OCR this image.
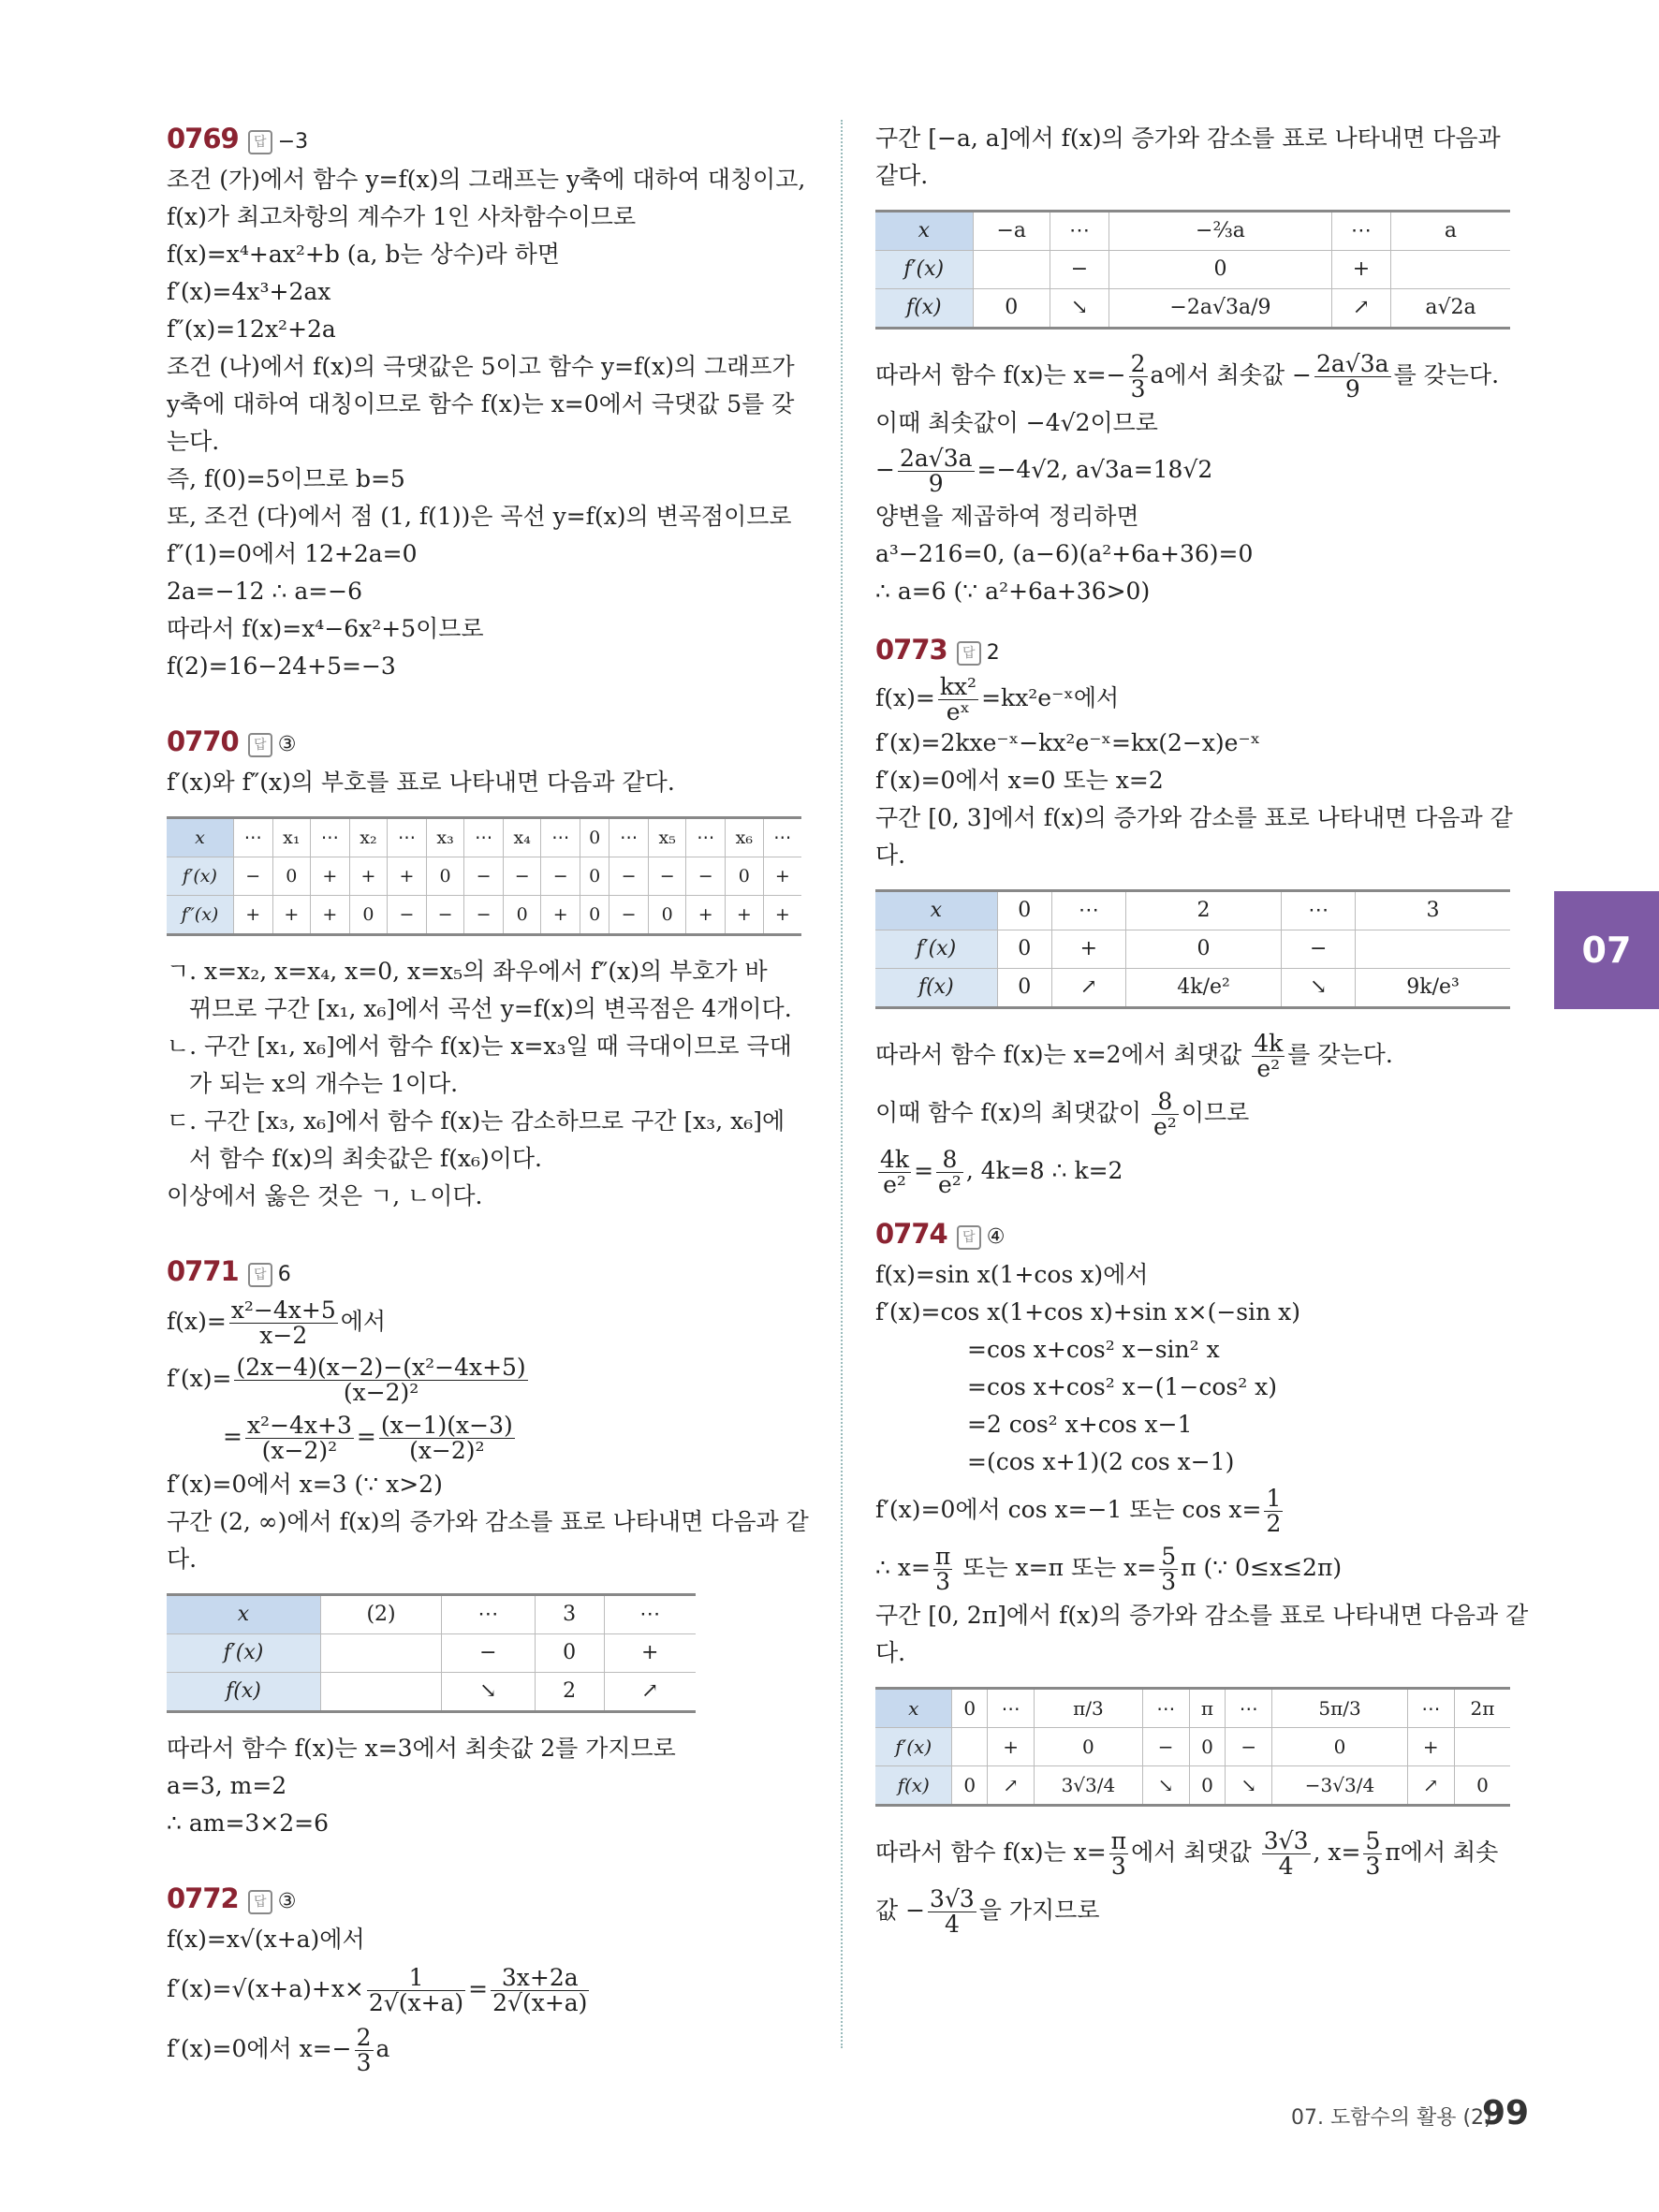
0769 답 −3
조건 (가)에서 함수 y=f(x)의 그래프는 y축에 대하여 대칭이고,
f(x)가 최고차항의 계수가 1인 사차함수이므로
f(x)=x⁴+ax²+b (a, b는 상수)라 하면
f′(x)=4x³+2ax
f″(x)=12x²+2a
조건 (나)에서 f(x)의 극댓값은 5이고 함수 y=f(x)의 그래프가
y축에 대하여 대칭이므로 함수 f(x)는 x=0에서 극댓값 5를 갖
는다.
즉, f(0)=5이므로 b=5
또, 조건 (다)에서 점 (1, f(1))은 곡선 y=f(x)의 변곡점이므로
f″(1)=0에서 12+2a=0
2a=−12 ∴ a=−6
따라서 f(x)=x⁴−6x²+5이므로
f(2)=16−24+5=−3
0770 답 ③
f′(x)와 f″(x)의 부호를 표로 나타내면 다음과 같다.
x	⋯	x₁	⋯	x₂	⋯	x₃	⋯	x₄	⋯	0	⋯	x₅	⋯	x₆	⋯
f′(x)	−	0	+	+	+	0	−	−	−	0	−	−	−	0	+
f″(x)	+	+	+	0	−	−	−	0	+	0	−	0	+	+	+
ㄱ. x=x₂, x=x₄, x=0, x=x₅의 좌우에서 f″(x)의 부호가 바
뀌므로 구간 [x₁, x₆]에서 곡선 y=f(x)의 변곡점은 4개이다.
ㄴ. 구간 [x₁, x₆]에서 함수 f(x)는 x=x₃일 때 극대이므로 극대
가 되는 x의 개수는 1이다.
ㄷ. 구간 [x₃, x₆]에서 함수 f(x)는 감소하므로 구간 [x₃, x₆]에
서 함수 f(x)의 최솟값은 f(x₆)이다.
이상에서 옳은 것은 ㄱ, ㄴ이다.
0771 답 6
$f(x)= \frac{\text{x²−4x+5}}{x-2}$ 에서
$f'(x)= \frac{\text{(2x−4)(x−2)−(x²−4x+5)}}{\text{(x−2)²}}$
= $\frac{\text{x²−4x+3}}{\text{(x−2)²}} = \frac{(x-1)(x-3)}{\text{(x−2)²}}$
f′(x)=0에서 x=3 (∵ x>2)
구간 (2, ∞)에서 f(x)의 증가와 감소를 표로 나타내면 다음과 같
다.
x	(2)	⋯	3	⋯
f′(x)		−	0	+
f(x)		↘	2	↗
따라서 함수 f(x)는 x=3에서 최솟값 2를 가지므로
a=3, m=2
∴ am=3×2=6
0772 답 ③
f(x)=x√(x+a)에서
$f'(x)=√(x+a)+x\times \frac{1}{2√(x+a)} = \frac{3x+2a}{2√(x+a)}$
f′(x)=0에서 $x=- \frac{2}{3}$ a
구간 [−a, a]에서 f(x)의 증가와 감소를 표로 나타내면 다음과
같다.
x	−a	⋯	−⅔a	⋯	a
f′(x)		−	0	+	
f(x)	0	↘	−2a√3a/9	↗	a√2a
따라서 함수 f(x)는 $x=- \frac{2}{3}$ a에서 최솟값 − $\frac{2a√3a}{9}$ 를 갖는다.
이때 최솟값이 −4√2이므로
− $\frac{2a√3a}{9} =-4√2$, a√3a=18√2
양변을 제곱하여 정리하면
a³−216=0, (a−6)(a²+6a+36)=0
∴ a=6 (∵ a²+6a+36>0)
0773 답 2
$f(x)= \frac{\text{kx²}}{\text{eˣ}}$ =kx²e⁻ˣ에서
f′(x)=2kxe⁻ˣ−kx²e⁻ˣ=kx(2−x)e⁻ˣ
f′(x)=0에서 x=0 또는 x=2
구간 [0, 3]에서 f(x)의 증가와 감소를 표로 나타내면 다음과 같
다.
x	0	⋯	2	⋯	3
f′(x)	0	+	0	−	
f(x)	0	↗	4k/e²	↘	9k/e³
따라서 함수 f(x)는 x=2에서 최댓값 $\frac{4k}{\text{e²}}$ 를 갖는다.
이때 함수 f(x)의 최댓값이 $\frac{8}{\text{e²}}$ 이므로
$\frac{4k}{\text{e²}} = \frac{8}{\text{e²}}$ , 4k=8 ∴ k=2
0774 답 ④
f(x)=sin x(1+cos x)에서
f′(x)=cos x(1+cos x)+sin x×(−sin x)
=cos x+cos² x−sin² x
=cos x+cos² x−(1−cos² x)
=2 cos² x+cos x−1
=(cos x+1)(2 cos x−1)
f′(x)=0에서 cos x=−1 또는 $\cos x= \frac{1}{2}$
∴ $x= \frac{\pi}{3}$ 또는 x=π 또는 $x= \frac{5}{3}$ π (∵ 0≤x≤2π)
구간 [0, 2π]에서 f(x)의 증가와 감소를 표로 나타내면 다음과 같
다.
x	0	⋯	π/3	⋯	π	⋯	5π/3	⋯	2π
f′(x)		+	0	−	0	−	0	+	
f(x)	0	↗	3√3/4	↘	0	↘	−3√3/4	↗	0
따라서 함수 f(x)는 $x= \frac{\pi}{3}$ 에서 최댓값 $\frac{3√3}{4}$ , $x= \frac{5}{3}$ π에서 최솟
값 − $\frac{3√3}{4}$ 을 가지므로
07
07. 도함수의 활용 (2)
99
